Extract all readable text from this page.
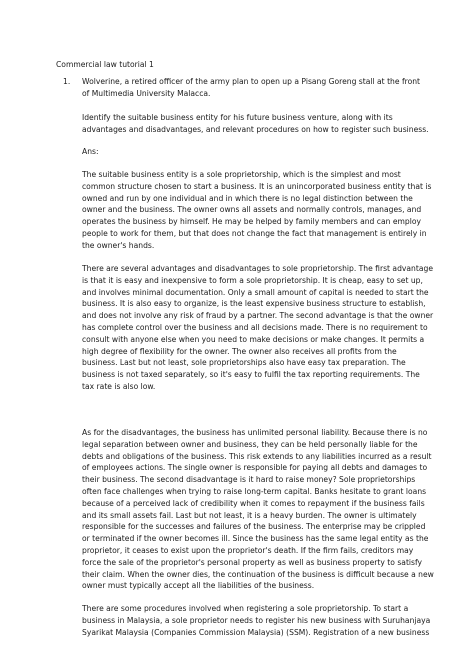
Commercial law tutorial 1
1. Wolverine, a retired officer of the army plan to open up a Pisang Goreng stall at the front of Multimedia University Malacca.
Identify the suitable business entity for his future business venture, along with its advantages and disadvantages, and relevant procedures on how to register such business.
Ans:

The suitable business entity is a sole proprietorship, which is the simplest and most common structure chosen to start a business. It is an unincorporated business entity that is owned and run by one individual and in which there is no legal distinction between the owner and the business. The owner owns all assets and normally controls, manages, and operates the business by himself. He may be helped by family members and can employ people to work for them, but that does not change the fact that management is entirely in the owner's hands.

There are several advantages and disadvantages to sole proprietorship. The first advantage is that it is easy and inexpensive to form a sole proprietorship. It is cheap, easy to set up, and involves minimal documentation. Only a small amount of capital is needed to start the business. It is also easy to organize, is the least expensive business structure to establish, and does not involve any risk of fraud by a partner. The second advantage is that the owner has complete control over the business and all decisions made. There is no requirement to consult with anyone else when you need to make decisions or make changes. It permits a high degree of flexibility for the owner. The owner also receives all profits from the business. Last but not least, sole proprietorships also have easy tax preparation. The business is not taxed separately, so it's easy to fulfil the tax reporting requirements. The tax rate is also low.

As for the disadvantages, the business has unlimited personal liability. Because there is no legal separation between owner and business, they can be held personally liable for the debts and obligations of the business. This risk extends to any liabilities incurred as a result of employees actions. The single owner is responsible for paying all debts and damages to their business. The second disadvantage is it hard to raise money? Sole proprietorships often face challenges when trying to raise long-term capital. Banks hesitate to grant loans because of a perceived lack of credibility when it comes to repayment if the business fails and its small assets fail. Last but not least, it is a heavy burden. The owner is ultimately responsible for the successes and failures of the business. The enterprise may be crippled or terminated if the owner becomes ill. Since the business has the same legal entity as the proprietor, it ceases to exist upon the proprietor's death. If the firm fails, creditors may force the sale of the proprietor's personal property as well as business property to satisfy their claim. When the owner dies, the continuation of the business is difficult because a new owner must typically accept all the liabilities of the business.

There are some procedures involved when registering a sole proprietorship. To start a business in Malaysia, a sole proprietor needs to register his new business with Suruhanjaya Syarikat Malaysia (Companies Commission Malaysia) (SSM). Registration of a new business
